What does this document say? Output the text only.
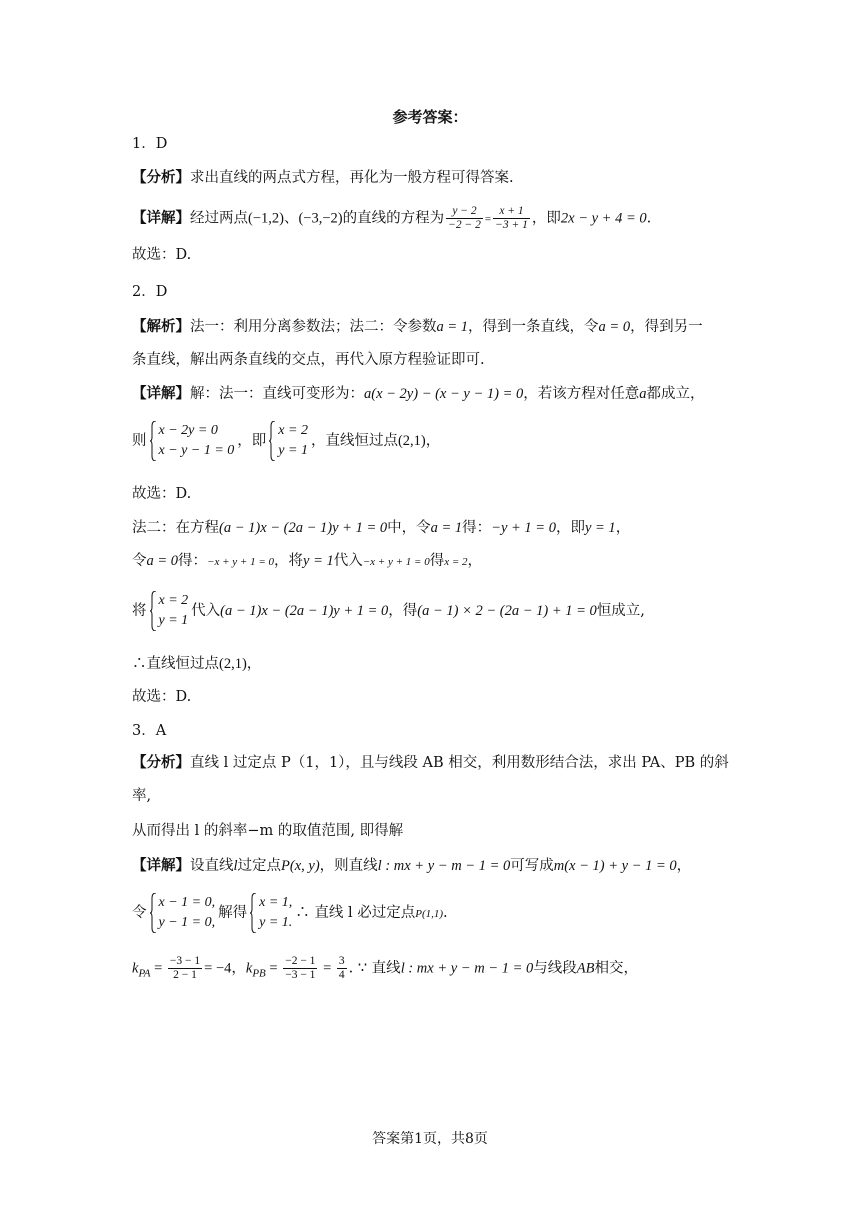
参考答案：
1．D
【分析】求出直线的两点式方程，再化为一般方程可得答案.
【详解】经过两点(−1,2)、(−3,−2)的直线的方程为 $\frac{y - 2}{-2 - 2} = \frac{x + 1}{-3 + 1}$ ，即2x − y + 4 = 0.
故选：D.
2．D
【解析】法一：利用分离参数法；法二：令参数a = 1，得到一条直线，令a = 0，得到另一
条直线，解出两条直线的交点，再代入原方程验证即可.
【详解】解：法一：直线可变形为：a(x − 2y) − (x − y − 1) = 0，若该方程对任意a都成立，
则
x − 2y = 0
x − y − 1 = 0
，即
x = 2
y = 1
，直线恒过点(2,1)，
故选：D.
法二：在方程(a − 1)x − (2a − 1)y + 1 = 0中，令a = 1得：−y + 1 = 0，即y = 1，
令a = 0得：−x + y + 1 = 0，将y = 1代入−x + y + 1 = 0得x = 2，
将
x = 2
y = 1
代入(a − 1)x − (2a − 1)y + 1 = 0，得(a − 1) × 2 − (2a − 1) + 1 = 0恒成立,
∴直线恒过点(2,1)，
故选：D.
3．A
【分析】直线 l 过定点 P（1，1），且与线段 AB 相交，利用数形结合法，求出 PA、PB 的斜
率,
从而得出 l 的斜率−m 的取值范围, 即得解
【详解】设直线l过定点P(x, y)，则直线l : mx + y − m − 1 = 0可写成m(x − 1) + y − 1 = 0，
令
x − 1 = 0,
y − 1 = 0,
解得
x = 1,
y = 1.
∴ 直线 l 必过定点P(1,1).
$k_{PA} = \frac{-3 - 1}{2 - 1} = -4$，$k_{PB} = \frac{-2 - 1}{-3 - 1} = \frac{3}{4}$ . ∵ 直线l : mx + y − m − 1 = 0与线段AB相交，
答案第1页，共8页
